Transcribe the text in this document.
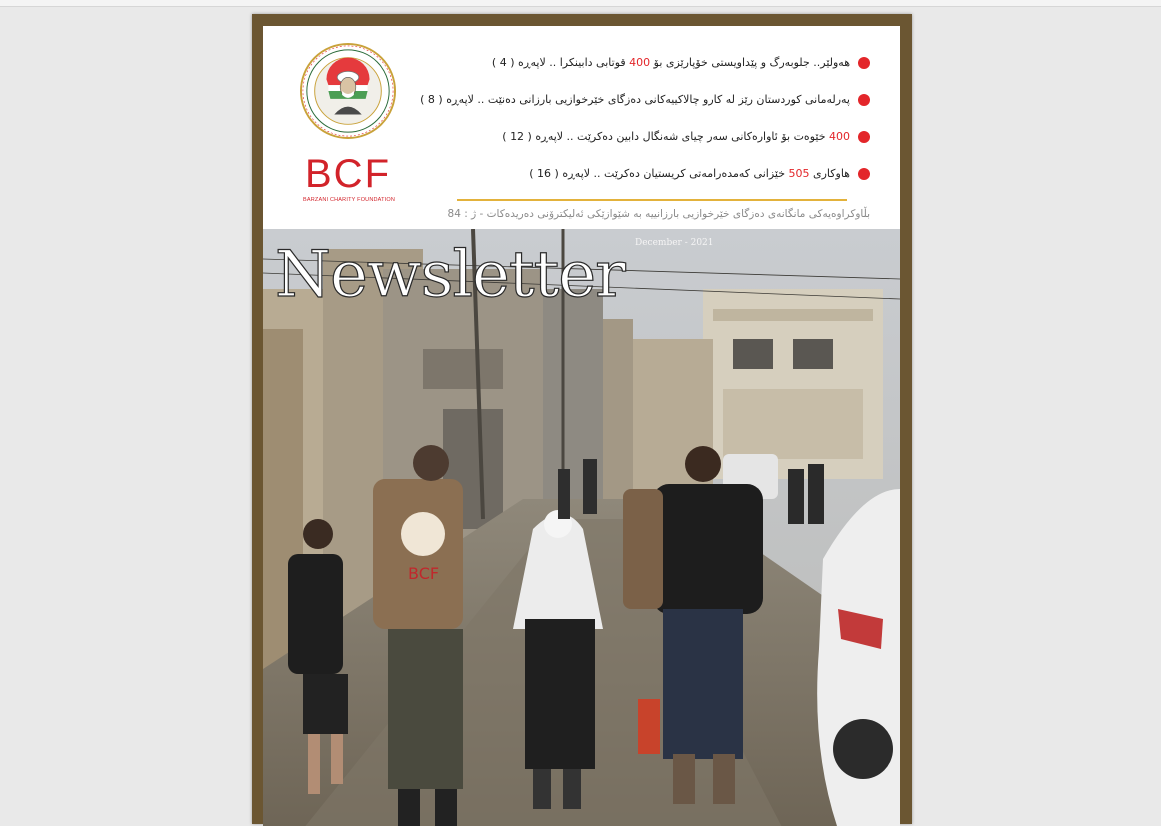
BCF
BARZANI CHARITY FOUNDATION
هەولێر.. جلوبەرگ و پێداویستی خۆپارێزی بۆ 400 قوتابی دابینکرا .. لاپەڕە ( 4 )
پەرلەمانی کوردستان رێز لە کارو چالاکییەکانی دەزگای خێرخوازیی بارزانی دەنێت .. لاپەڕە ( 8 )
400 خێوەت بۆ ئاوارەکانی سەر چیای شەنگال دابین دەکرێت .. لاپەڕە ( 12 )
هاوکاری 505 خێزانی کەمدەرامەتی کریستیان دەکرێت .. لاپەڕە ( 16 )
بڵاوکراوەیەکی مانگانەی دەزگای خێرخوازیی بارزانییە بە شێوازێکی ئەلیکترۆنی دەریدەکات - ژ : 84
BCF
December - 2021
Newsletter
